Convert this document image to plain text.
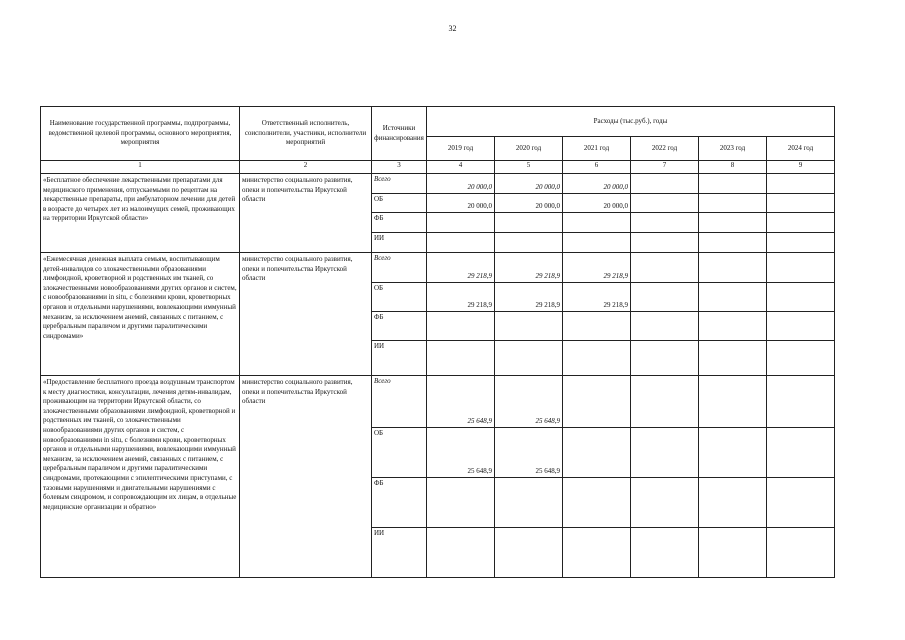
32
Наименование государственной программы, подпрограммы, ведомственной целевой программы, основного мероприятия, мероприятия	Ответственный исполнитель, соисполнители, участники, исполнители мероприятий	Источники финансирования	Расходы (тыс.руб.), годы					
			2019 год	2020 год	2021 год	2022 год	2023 год	2024 год
1	2	3	4	5	6	7	8	9
«Бесплатное обеспечение лекарственными препаратами для медицинского применения, отпускаемыми по рецептам на лекарственные препараты, при амбулаторном лечении для детей в возрасте до четырех лет из малоимущих семей, проживающих на территории Иркутской области»	министерство социального развития, опеки и попечительства Иркутской области	Всего	20 000,0	20 000,0	20 000,0			
		ОБ	20 000,0	20 000,0	20 000,0			
		ФБ						
		ИИ						
«Ежемесячная денежная выплата семьям, воспитывающим детей-инвалидов со злокачественными образованиями лимфоидной, кроветворной и родственных им тканей, со злокачественными новообразованиями других органов и систем, с новообразованиями in situ, с болезнями крови, кроветворных органов и отдельными нарушениями, вовлекающими иммунный механизм, за исключением анемий, связанных с питанием, с церебральным параличом и другими паралитическими синдромами»	министерство социального развития, опеки и попечительства Иркутской области	Всего	29 218,9	29 218,9	29 218,9			
		ОБ	29 218,9	29 218,9	29 218,9			
		ФБ						
		ИИ						
«Предоставление бесплатного проезда воздушным транспортом к месту диагностики, консультации, лечения детям-инвалидам, проживающим на территории Иркутской области, со злокачественными образованиями лимфоидной, кроветворной и родственных им тканей, со злокачественными новообразованиями других органов и систем, с новообразованиями in situ, с болезнями крови, кроветворных органов и отдельными нарушениями, вовлекающими иммунный механизм, за исключением анемий, связанных с питанием, с церебральным параличом и другими паралитическими синдромами, протекающими с эпилептическими приступами, с тазовыми нарушениями и двигательными нарушениями с болевым синдромом, и сопровождающим их лицам, в отдельные медицинские организации и обратно»	министерство социального развития, опеки и попечительства Иркутской области	Всего	25 648,9	25 648,9				
		ОБ	25 648,9	25 648,9				
		ФБ						
		ИИ						
